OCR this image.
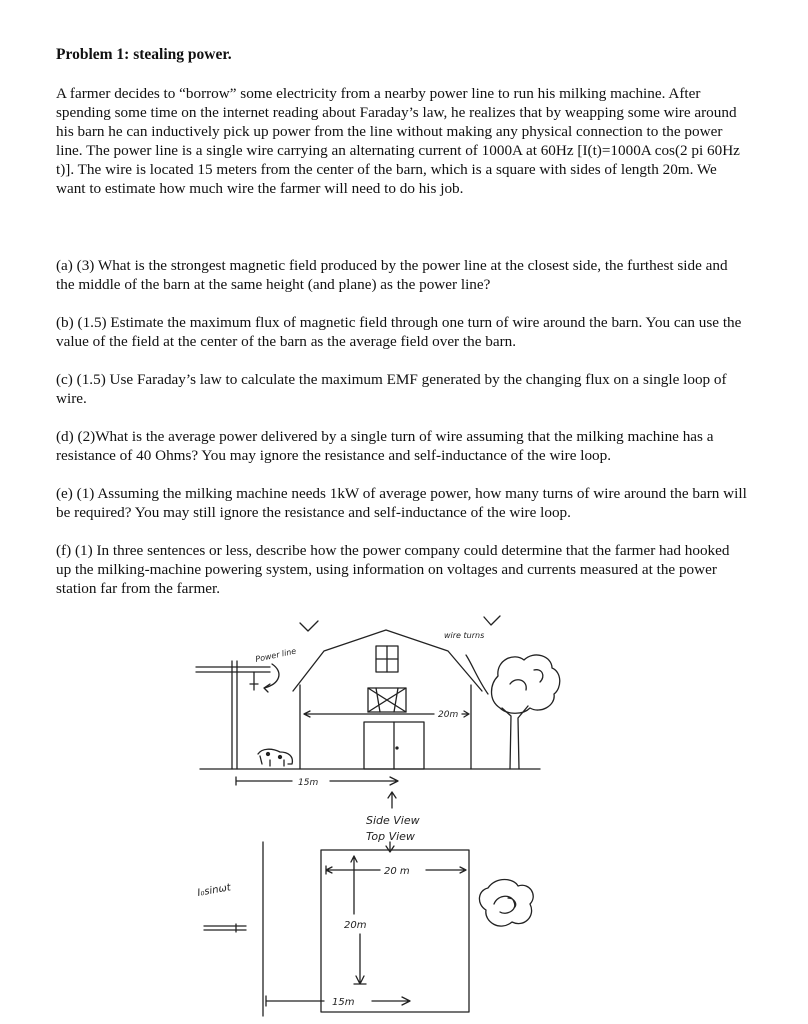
Problem 1: stealing power.

A farmer decides to “borrow” some electricity from a nearby power line to run his milking machine. After spending some time on the internet reading about Faraday’s law, he realizes that by weapping some wire around his barn he can inductively pick up power from the line without making any physical connection to the power line. The power line is a single wire carrying an alternating current of 1000A at 60Hz [I(t)=1000A cos(2 pi 60Hz t)]. The wire is located 15 meters from the center of the barn, which is a square with sides of length 20m. We want to estimate how much wire the farmer will need to do his job.

(a) (3) What is the strongest magnetic field produced by the power line at the closest side, the furthest side and the middle of the barn at the same height (and plane) as the power line?

(b) (1.5) Estimate the maximum flux of magnetic field through one turn of wire around the barn. You can use the value of the field at the center of the barn as the average field over the barn.

(c) (1.5) Use Faraday’s law to calculate the maximum EMF generated by the changing flux on a single loop of wire.

(d) (2)What is the average power delivered by a single turn of wire assuming that the milking machine has a resistance of 40 Ohms? You may ignore the resistance and self-inductance of the wire loop.

(e) (1) Assuming the milking machine needs 1kW of average power, how many turns of wire around the barn will be required? You may still ignore the resistance and self-inductance of the wire loop.

(f) (1) In three sentences or less, describe how the power company could determine that the farmer had hooked up the milking-machine powering system, using information on voltages and currents measured at the power station far from the farmer.

Power line
wire turns
20m
15m
Side View
Top View
I₀sinωt
20 m
20m
15m
